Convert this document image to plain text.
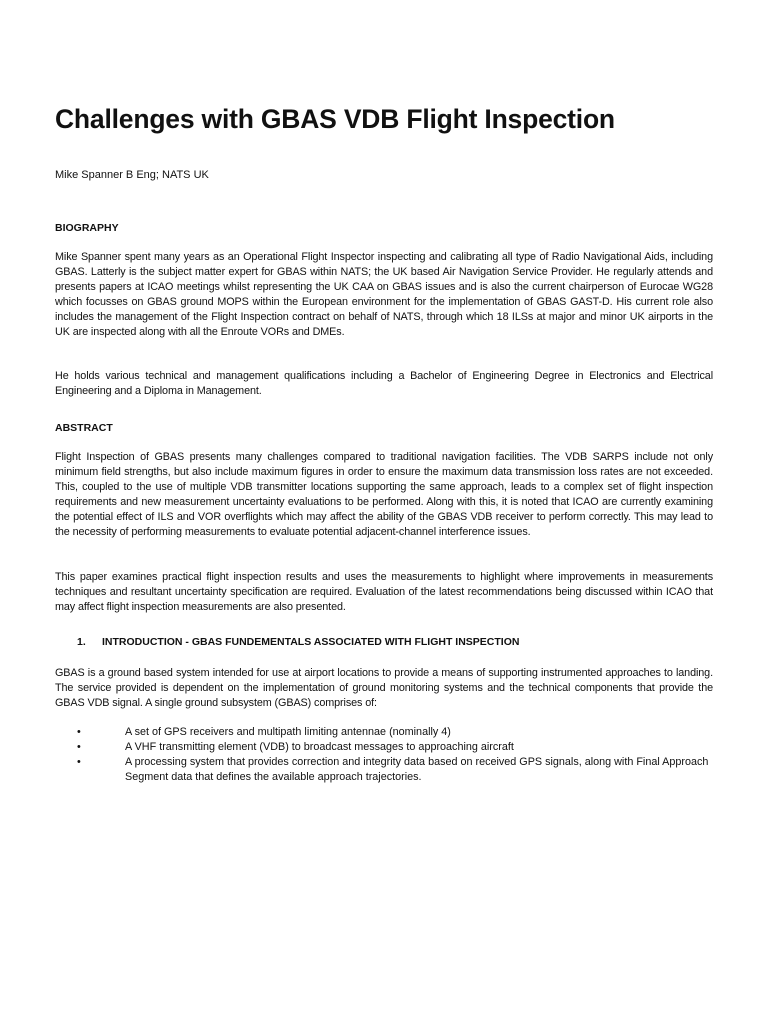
Challenges with GBAS VDB Flight Inspection
Mike Spanner B Eng; NATS UK
BIOGRAPHY

Mike Spanner spent many years as an Operational Flight Inspector inspecting and calibrating all type of Radio Navigational Aids, including GBAS. Latterly is the subject matter expert for GBAS within NATS; the UK based Air Navigation Service Provider. He regularly attends and presents papers at ICAO meetings whilst representing the UK CAA on GBAS issues and is also the current chairperson of Eurocae WG28 which focusses on GBAS ground MOPS within the European environment for the implementation of GBAS GAST-D. His current role also includes the management of the Flight Inspection contract on behalf of NATS, through which 18 ILSs at major and minor UK airports in the UK are inspected along with all the Enroute VORs and DMEs.

He holds various technical and management qualifications including a Bachelor of Engineering Degree in Electronics and Electrical Engineering and a Diploma in Management.

ABSTRACT

Flight Inspection of GBAS presents many challenges compared to traditional navigation facilities. The VDB SARPS include not only minimum field strengths, but also include maximum figures in order to ensure the maximum data transmission loss rates are not exceeded. This, coupled to the use of multiple VDB transmitter locations supporting the same approach, leads to a complex set of flight inspection requirements and new measurement uncertainty evaluations to be performed. Along with this, it is noted that ICAO are currently examining the potential effect of ILS and VOR overflights which may affect the ability of the GBAS VDB receiver to perform correctly. This may lead to the necessity of performing measurements to evaluate potential adjacent-channel interference issues.

This paper examines practical flight inspection results and uses the measurements to highlight where improvements in measurements techniques and resultant uncertainty specification are required. Evaluation of the latest recommendations being discussed within ICAO that may affect flight inspection measurements are also presented.

1. INTRODUCTION - GBAS FUNDEMENTALS ASSOCIATED WITH FLIGHT INSPECTION

GBAS is a ground based system intended for use at airport locations to provide a means of supporting instrumented approaches to landing. The service provided is dependent on the implementation of ground monitoring systems and the technical components that provide the GBAS VDB signal. A single ground subsystem (GBAS) comprises of:

•	A set of GPS receivers and multipath limiting antennae (nominally 4)
•	A VHF transmitting element (VDB) to broadcast messages to approaching aircraft
•	A processing system that provides correction and integrity data based on received GPS signals, along with Final Approach Segment data that defines the available approach trajectories.
